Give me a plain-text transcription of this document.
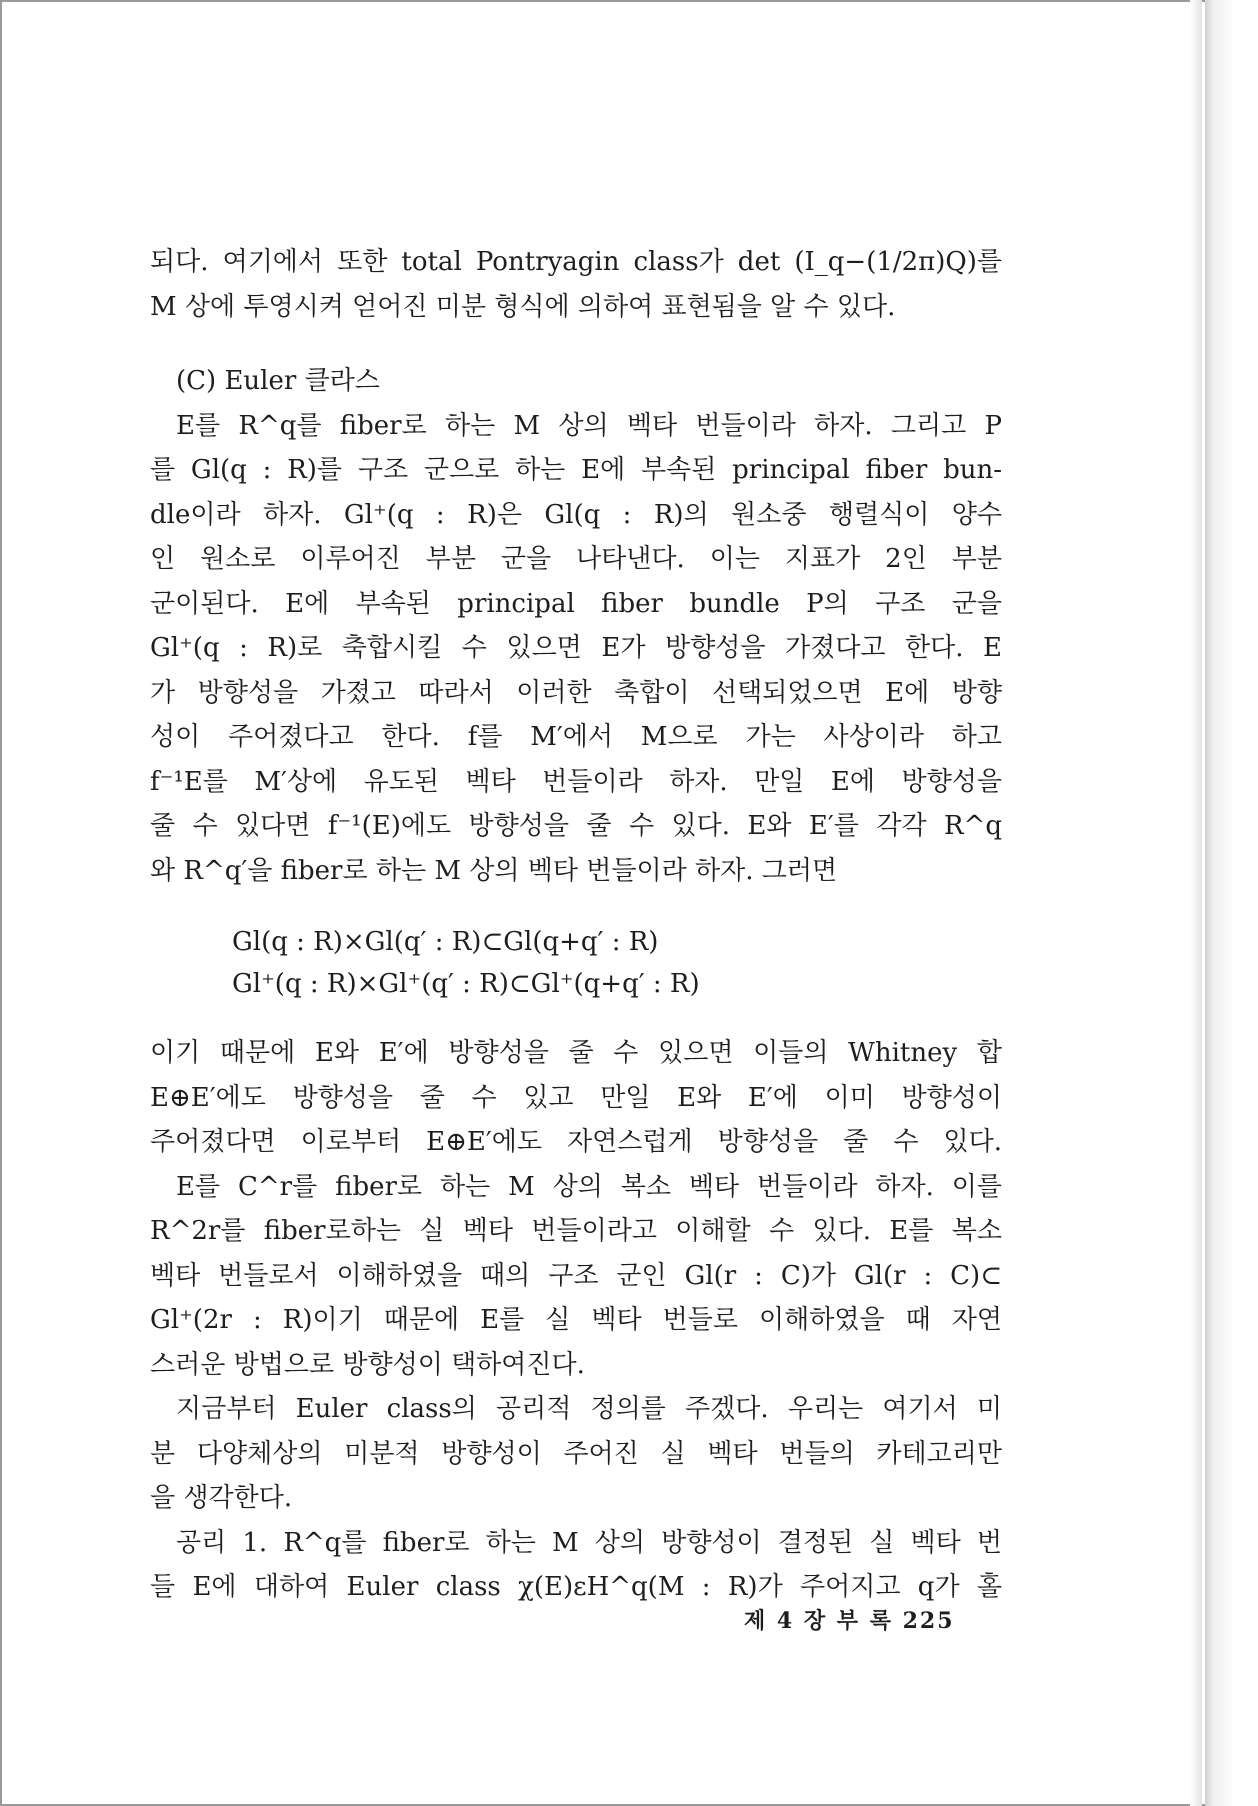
되다. 여기에서 또한 total Pontryagin class가 det (I_q−(1/2π)Q)를

M 상에 투영시켜 얻어진 미분 형식에 의하여 표현됨을 알 수 있다.

(C) Euler 클라스

E를 R^q를 fiber로 하는 M 상의 벡타 번들이라 하자. 그리고 P

를 Gl(q : R)를 구조 군으로 하는 E에 부속된 principal fiber bun-

dle이라 하자. Gl⁺(q : R)은 Gl(q : R)의 원소중 행렬식이 양수

인 원소로 이루어진 부분 군을 나타낸다. 이는 지표가 2인 부분

군이된다. E에 부속된 principal fiber bundle P의 구조 군을

Gl⁺(q : R)로 축합시킬 수 있으면 E가 방향성을 가졌다고 한다. E

가 방향성을 가졌고 따라서 이러한 축합이 선택되었으면 E에 방향

성이 주어졌다고 한다. f를 M′에서 M으로 가는 사상이라 하고

f⁻¹E를 M′상에 유도된 벡타 번들이라 하자. 만일 E에 방향성을

줄 수 있다면 f⁻¹(E)에도 방향성을 줄 수 있다. E와 E′를 각각 R^q

와 R^q′을 fiber로 하는 M 상의 벡타 번들이라 하자. 그러면

Gl(q : R)×Gl(q′ : R)⊂Gl(q+q′ : R)

Gl⁺(q : R)×Gl⁺(q′ : R)⊂Gl⁺(q+q′ : R)

이기 때문에 E와 E′에 방향성을 줄 수 있으면 이들의 Whitney 합

E⊕E′에도 방향성을 줄 수 있고 만일 E와 E′에 이미 방향성이

주어졌다면 이로부터 E⊕E′에도 자연스럽게 방향성을 줄 수 있다.

E를 C^r를 fiber로 하는 M 상의 복소 벡타 번들이라 하자. 이를

R^2r를 fiber로하는 실 벡타 번들이라고 이해할 수 있다. E를 복소

벡타 번들로서 이해하였을 때의 구조 군인 Gl(r : C)가 Gl(r : C)⊂

Gl⁺(2r : R)이기 때문에 E를 실 벡타 번들로 이해하였을 때 자연

스러운 방법으로 방향성이 택하여진다.

지금부터 Euler class의 공리적 정의를 주겠다. 우리는 여기서 미

분 다양체상의 미분적 방향성이 주어진 실 벡타 번들의 카테고리만

을 생각한다.

공리 1. R^q를 fiber로 하는 M 상의 방향성이 결정된 실 벡타 번

들 E에 대하여 Euler class χ(E)εH^q(M : R)가 주어지고 q가 홀

제 4 장 부 록 225
